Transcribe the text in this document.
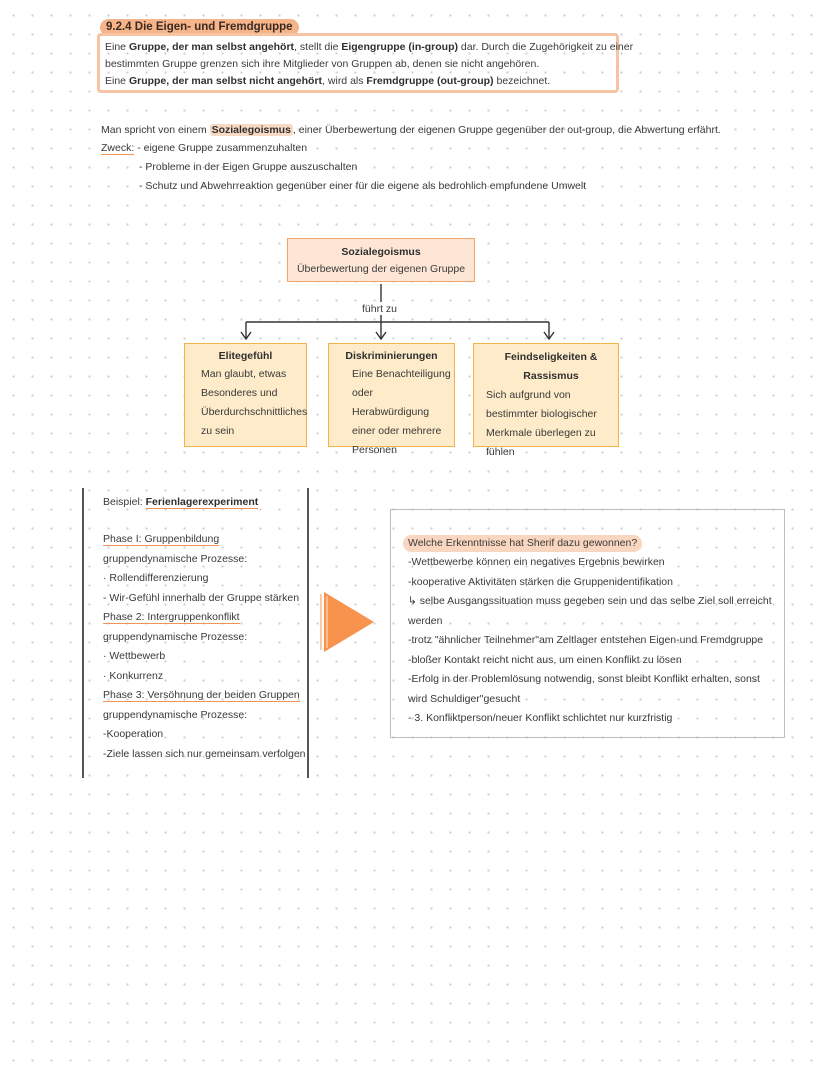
9.2.4 Die Eigen- und Fremdgruppe
Eine Gruppe, der man selbst angehört, stellt die Eigengruppe (in-group) dar. Durch die Zugehörigkeit zu einer
bestimmten Gruppe grenzen sich ihre Mitglieder von Gruppen ab, denen sie nicht angehören.
Eine Gruppe, der man selbst nicht angehört, wird als Fremdgruppe (out-group) bezeichnet.
Man spricht von einem Sozialegoismus , einer Überbewertung der eigenen Gruppe gegenüber der out-group, die Abwertung erfährt.
Zweck: - eigene Gruppe zusammenzuhalten
- Probleme in der Eigen Gruppe auszuschalten
- Schutz und Abwehrreaktion gegenüber einer für die eigene als bedrohlich empfundene Umwelt
Sozialegoismus
Überbewertung der eigenen Gruppe
führt zu
Elitegefühl
Man glaubt, etwas Besonderes und Überdurchschnittliches zu sein
Diskriminierungen
Eine Benachteiligung oder Herabwürdigung einer oder mehrere Personen
Feindseligkeiten & Rassismus
Sich aufgrund von bestimmter biologischer Merkmale überlegen zu fühlen
Beispiel: Ferienlagerexperiment
Phase I: Gruppenbildung
gruppendynamische Prozesse:
· Rollendifferenzierung
- Wir-Gefühl innerhalb der Gruppe stärken
Phase 2: Intergruppenkonflikt
gruppendynamische Prozesse:
· Wettbewerb
· Konkurrenz
Phase 3: Versöhnung der beiden Gruppen
gruppendynamische Prozesse:
-Kooperation
-Ziele lassen sich nur gemeinsam verfolgen
Welche Erkenntnisse hat Sherif dazu gewonnen?
-Wettbewerbe können ein negatives Ergebnis bewirken
-kooperative Aktivitäten stärken die Gruppenidentifikation
↳ selbe Ausgangssituation muss gegeben sein und das selbe Ziel soll erreicht
werden
-trotz "ähnlicher Teilnehmer"am Zeltlager entstehen Eigen-und Fremdgruppe
-bloßer Kontakt reicht nicht aus, um einen Konflikt zu lösen
-Erfolg in der Problemlösung notwendig, sonst bleibt Konflikt erhalten, sonst
wird Schuldiger"gesucht
- 3. Konfliktperson/neuer Konflikt schlichtet nur kurzfristig
